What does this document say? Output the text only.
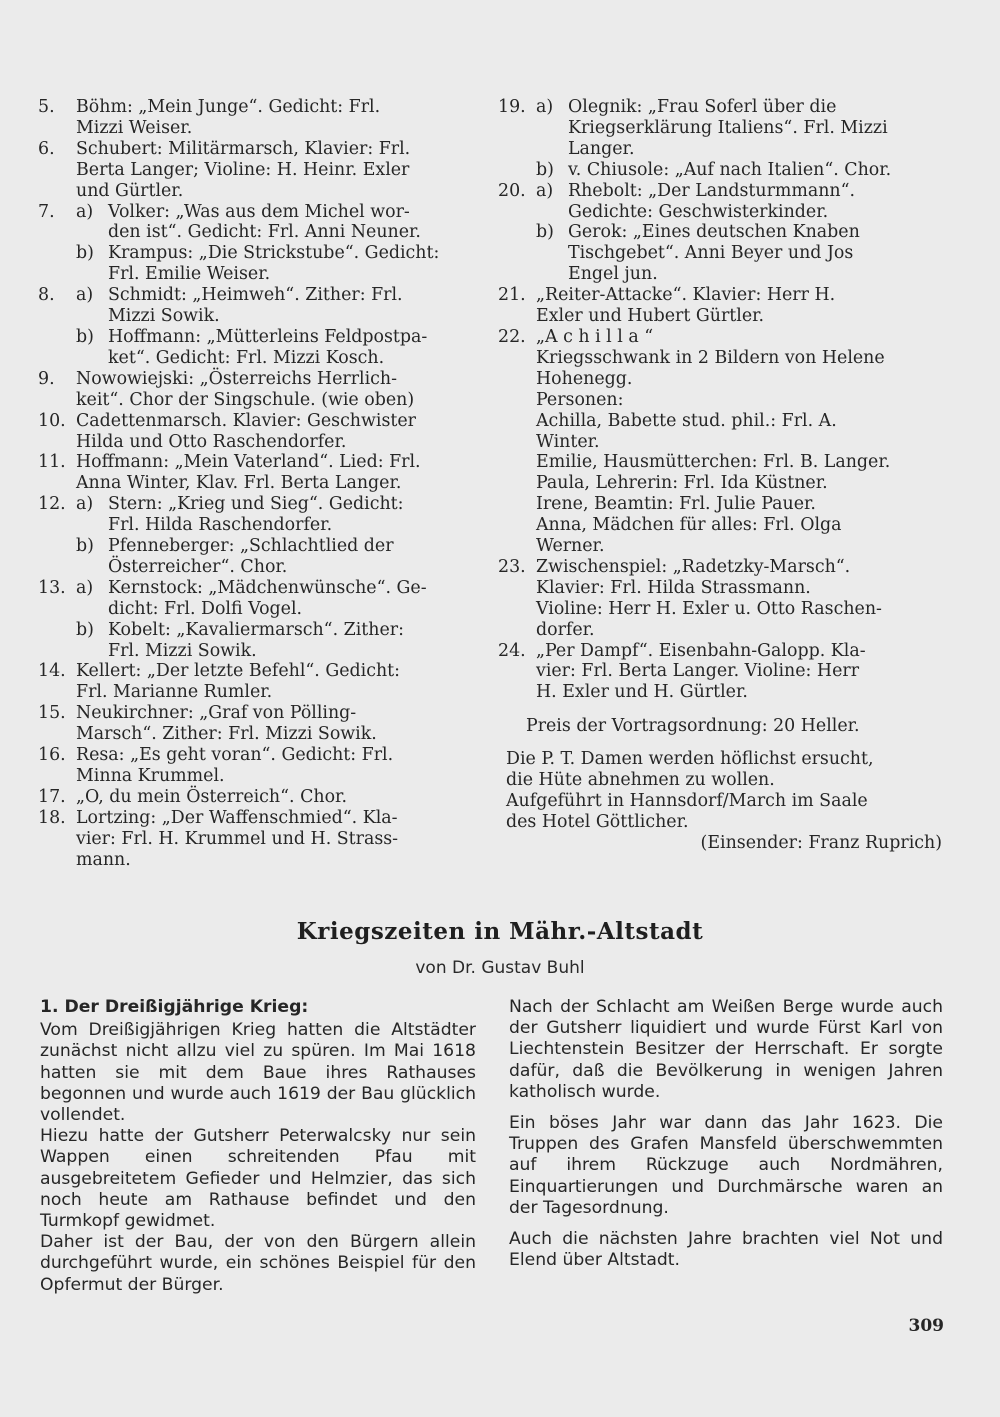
5.	Böhm: „Mein Junge“. Gedicht: Frl.
Mizzi Weiser.
6.	Schubert: Militärmarsch, Klavier: Frl.
Berta Langer; Violine: H. Heinr. Exler
und Gürtler.
7.	a) Volker: „Was aus dem Michel wor-
den ist“. Gedicht: Frl. Anni Neuner.
b) Krampus: „Die Strickstube“. Gedicht:
Frl. Emilie Weiser.
8.	a) Schmidt: „Heimweh“. Zither: Frl.
Mizzi Sowik.
b) Hoffmann: „Mütterleins Feldpostpa-
ket“. Gedicht: Frl. Mizzi Kosch.
9.	Nowowiejski: „Österreichs Herrlich-
keit“. Chor der Singschule. (wie oben)
10. Cadettenmarsch. Klavier: Geschwister
Hilda und Otto Raschendorfer.
11. Hoffmann: „Mein Vaterland“. Lied: Frl.
Anna Winter, Klav. Frl. Berta Langer.
12. a) Stern: „Krieg und Sieg“. Gedicht:
Frl. Hilda Raschendorfer.
b) Pfenneberger: „Schlachtlied der
Österreicher“. Chor.
13. a) Kernstock: „Mädchenwünsche“. Ge-
dicht: Frl. Dolfi Vogel.
b) Kobelt: „Kavaliermarsch“. Zither:
Frl. Mizzi Sowik.
14. Kellert: „Der letzte Befehl“. Gedicht:
Frl. Marianne Rumler.
15. Neukirchner: „Graf von Pölling-
Marsch“. Zither: Frl. Mizzi Sowik.
16. Resa: „Es geht voran“. Gedicht: Frl.
Minna Krummel.
17. „O, du mein Österreich“. Chor.
18. Lortzing: „Der Waffenschmied“. Kla-
vier: Frl. H. Krummel und H. Strass-
mann.
19. a) Olegnik: „Frau Soferl über die
Kriegserklärung Italiens“. Frl. Mizzi
Langer.
b) v. Chiusole: „Auf nach Italien“. Chor.
20. a) Rhebolt: „Der Landsturmmann“.
Gedichte: Geschwisterkinder.
b) Gerok: „Eines deutschen Knaben
Tischgebet“. Anni Beyer und Jos
Engel jun.
21. „Reiter-Attacke“. Klavier: Herr H.
Exler und Hubert Gürtler.
22. „A c h i l l a “
Kriegsschwank in 2 Bildern von Helene
Hohenegg.
Personen:
Achilla, Babette stud. phil.: Frl. A.
Winter.
Emilie, Hausmütterchen: Frl. B. Langer.
Paula, Lehrerin: Frl. Ida Küstner.
Irene, Beamtin: Frl. Julie Pauer.
Anna, Mädchen für alles: Frl. Olga
Werner.
23. Zwischenspiel: „Radetzky-Marsch“.
Klavier: Frl. Hilda Strassmann.
Violine: Herr H. Exler u. Otto Raschen-
dorfer.
24. „Per Dampf“. Eisenbahn-Galopp. Kla-
vier: Frl. Berta Langer. Violine: Herr
H. Exler und H. Gürtler.
Preis der Vortragsordnung: 20 Heller.
Die P. T. Damen werden höflichst ersucht,
die Hüte abnehmen zu wollen.
Aufgeführt in Hannsdorf/March im Saale
des Hotel Göttlicher.
(Einsender: Franz Ruprich)
Kriegszeiten in Mähr.-Altstadt
von Dr. Gustav Buhl

1. Der Dreißigjährige Krieg:

Vom Dreißigjährigen Krieg hatten die Altstädter zunächst nicht allzu viel zu spüren. Im Mai 1618 hatten sie mit dem Baue ihres Rathauses begonnen und wurde auch 1619 der Bau glücklich vollendet.

Hiezu hatte der Gutsherr Peterwalcsky nur sein Wappen einen schreitenden Pfau mit ausgebreitetem Gefieder und Helmzier, das sich noch heute am Rathause befindet und den Turmkopf gewidmet.

Daher ist der Bau, der von den Bürgern allein durchgeführt wurde, ein schönes Beispiel für den Opfermut der Bürger.

Nach der Schlacht am Weißen Berge wurde auch der Gutsherr liquidiert und wurde Fürst Karl von Liechtenstein Besitzer der Herrschaft. Er sorgte dafür, daß die Bevölkerung in wenigen Jahren katholisch wurde.

Ein böses Jahr war dann das Jahr 1623. Die Truppen des Grafen Mansfeld überschwemmten auf ihrem Rückzuge auch Nordmähren, Einquartierungen und Durchmärsche waren an der Tagesordnung.

Auch die nächsten Jahre brachten viel Not und Elend über Altstadt.

309
